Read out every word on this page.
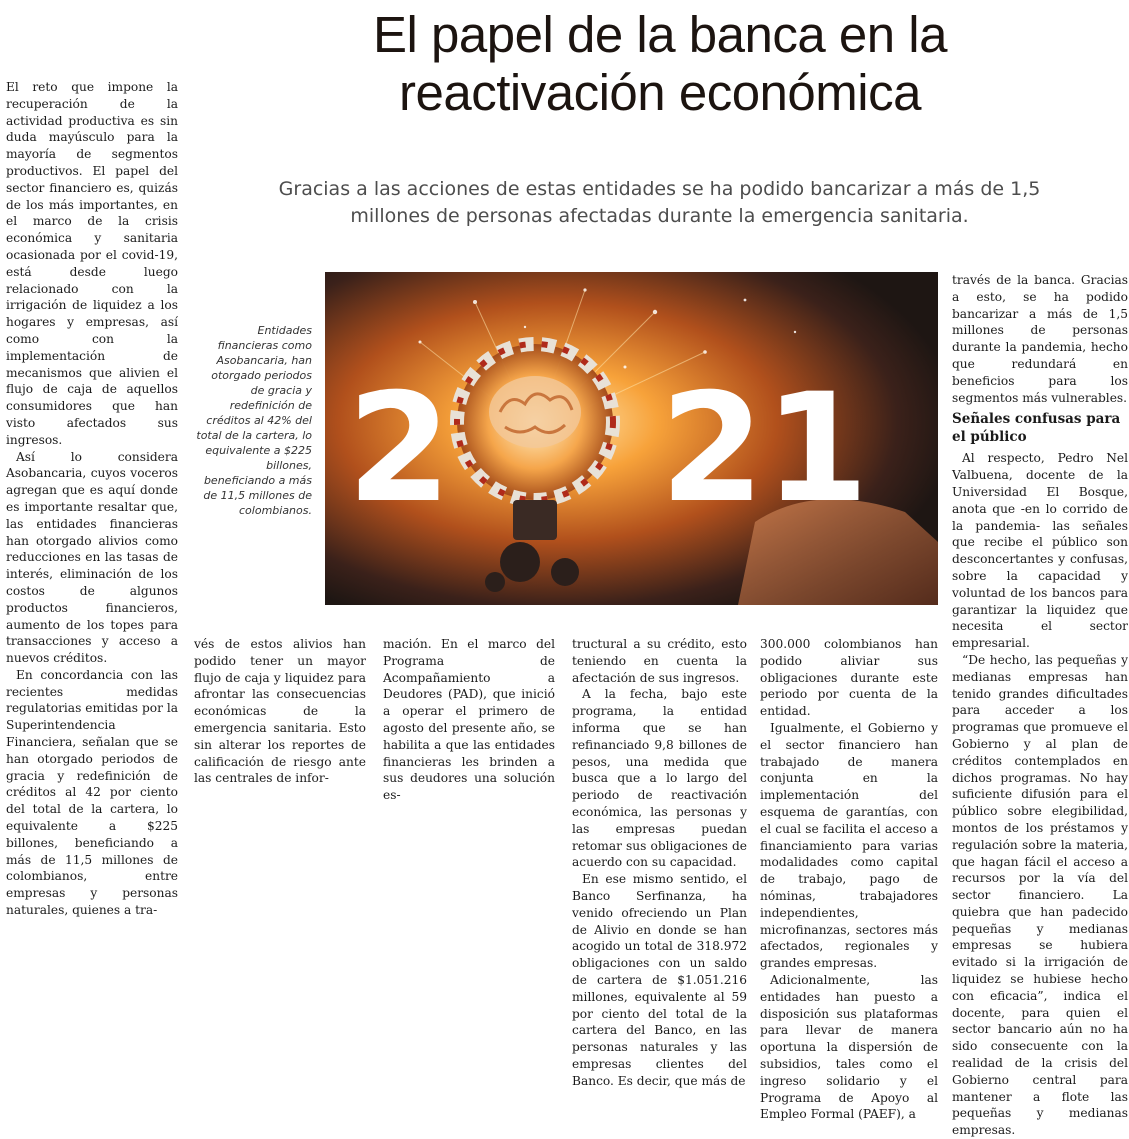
El papel de la banca en la reactivación económica
Gracias a las acciones de estas entidades se ha podido bancarizar a más de 1,5 millones de personas afectadas durante la emergencia sanitaria.

El reto que impone la recuperación de la actividad productiva es sin duda mayúsculo para la mayoría de segmentos productivos. El papel del sector financiero es, quizás de los más importantes, en el marco de la crisis económica y sanitaria ocasionada por el covid-19, está desde luego relacionado con la irrigación de liquidez a los hogares y empresas, así como con la implementación de mecanismos que alivien el flujo de caja de aquellos consumidores que han visto afectados sus ingresos.

Así lo considera Asobancaria, cuyos voceros agregan que es aquí donde es importante resaltar que, las entidades financieras han otorgado alivios como reducciones en las tasas de interés, eliminación de los costos de algunos productos financieros, aumento de los topes para transacciones y acceso a nuevos créditos.

En concordancia con las recientes medidas regulatorias emitidas por la Superintendencia Financiera, señalan que se han otorgado periodos de gracia y redefinición de créditos al 42 por ciento del total de la cartera, lo equivalente a $225 billones, beneficiando a más de 11,5 millones de colombianos, entre empresas y personas naturales, quienes a tra-

Entidades financieras como Asobancaria, han otorgado periodos de gracia y redefinición de créditos al 42% del total de la cartera, lo equivalente a $225 billones, beneficiando a más de 11,5 millones de colombianos. 2 21

vés de estos alivios han podido tener un mayor flujo de caja y liquidez para afrontar las consecuencias económicas de la emergencia sanitaria. Esto sin alterar los reportes de calificación de riesgo ante las centrales de infor-

mación. En el marco del Programa de Acompañamiento a Deudores (PAD), que inició a operar el primero de agosto del presente año, se habilita a que las entidades financieras les brinden a sus deudores una solución es-

tructural a su crédito, esto teniendo en cuenta la afectación de sus ingresos.

A la fecha, bajo este programa, la entidad informa que se han refinanciado 9,8 billones de pesos, una medida que busca que a lo largo del periodo de reactivación económica, las personas y las empresas puedan retomar sus obligaciones de acuerdo con su capacidad.

En ese mismo sentido, el Banco Serfinanza, ha venido ofreciendo un Plan de Alivio en donde se han acogido un total de 318.972 obligaciones con un saldo de cartera de $1.051.216 millones, equivalente al 59 por ciento del total de la cartera del Banco, en las personas naturales y las empresas clientes del Banco. Es decir, que más de

300.000 colombianos han podido aliviar sus obligaciones durante este periodo por cuenta de la entidad.

Igualmente, el Gobierno y el sector financiero han trabajado de manera conjunta en la implementación del esquema de garantías, con el cual se facilita el acceso a financiamiento para varias modalidades como capital de trabajo, pago de nóminas, trabajadores independientes, microfinanzas, sectores más afectados, regionales y grandes empresas.

Adicionalmente, las entidades han puesto a disposición sus plataformas para llevar de manera oportuna la dispersión de subsidios, tales como el ingreso solidario y el Programa de Apoyo al Empleo Formal (PAEF), a

través de la banca. Gracias a esto, se ha podido bancarizar a más de 1,5 millones de personas durante la pandemia, hecho que redundará en beneficios para los segmentos más vulnerables.

Señales confusas para el público

Al respecto, Pedro Nel Valbuena, docente de la Universidad El Bosque, anota que -en lo corrido de la pandemia- las señales que recibe el público son desconcertantes y confusas, sobre la capacidad y voluntad de los bancos para garantizar la liquidez que necesita el sector empresarial.

“De hecho, las pequeñas y medianas empresas han tenido grandes dificultades para acceder a los programas que promueve el Gobierno y al plan de créditos contemplados en dichos programas. No hay suficiente difusión para el público sobre elegibilidad, montos de los préstamos y regulación sobre la materia, que hagan fácil el acceso a recursos por la vía del sector financiero. La quiebra que han padecido pequeñas y medianas empresas se hubiera evitado si la irrigación de liquidez se hubiese hecho con eficacia”, indica el docente, para quien el sector bancario aún no ha sido consecuente con la realidad de la crisis del Gobierno central para mantener a flote las pequeñas y medianas empresas.
